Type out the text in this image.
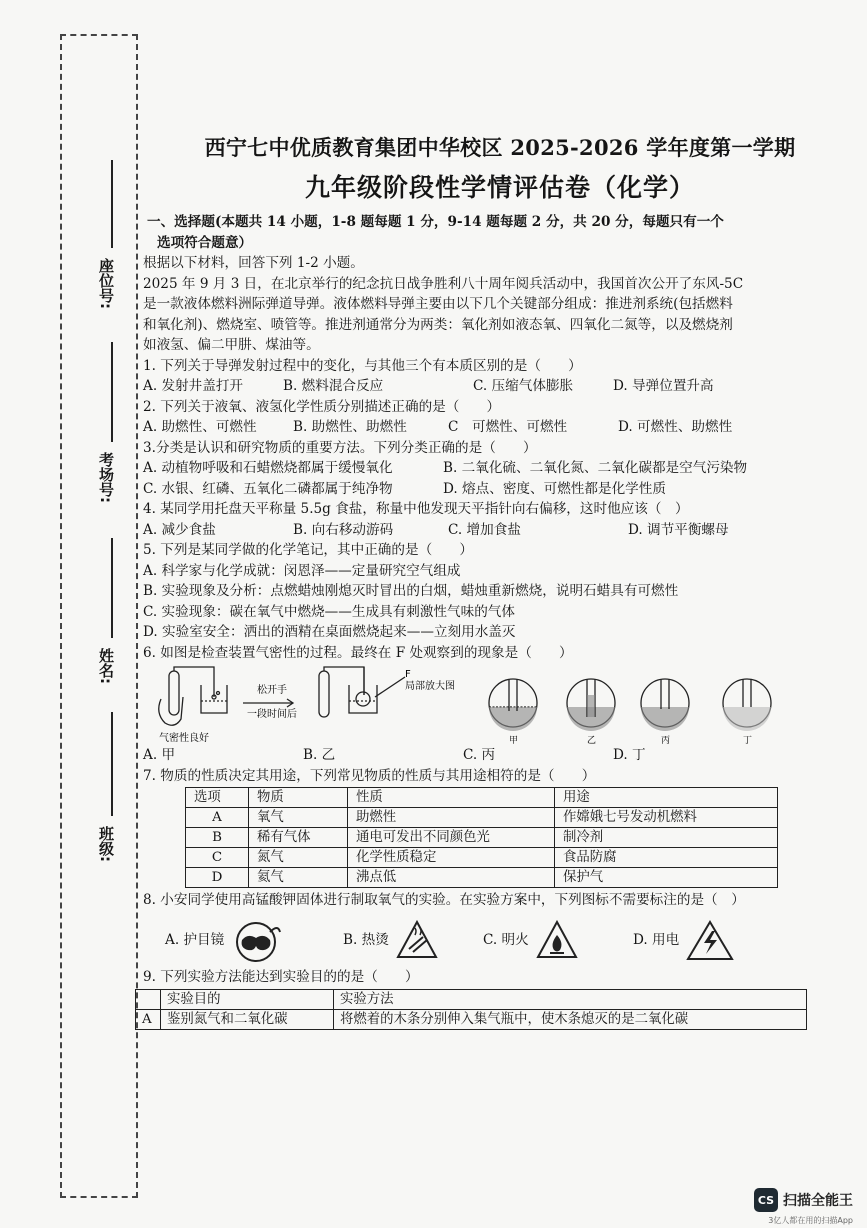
座位号:
考场号:
姓名:
班级:
西宁七中优质教育集团中华校区 2025-2026 学年度第一学期
九年级阶段性学情评估卷（化学）
一、选择题(本题共 14 小题，1-8 题每题 1 分，9-14 题每题 2 分，共 20 分，每题只有一个
选项符合题意）
根据以下材料，回答下列 1-2 小题。
2025 年 9 月 3 日，在北京举行的纪念抗日战争胜利八十周年阅兵活动中，我国首次公开了东风-5C
是一款液体燃料洲际弹道导弹。液体燃料导弹主要由以下几个关键部分组成：推进剂系统(包括燃料
和氧化剂)、燃烧室、喷管等。推进剂通常分为两类：氧化剂如液态氧、四氧化二氮等，以及燃烧剂
如液氢、偏二甲肼、煤油等。
1. 下列关于导弹发射过程中的变化，与其他三个有本质区别的是（　　）
A. 发射井盖打开	B. 燃料混合反应	C. 压缩气体膨胀	D. 导弹位置升高
2. 下列关于液氧、液氢化学性质分别描述正确的是（　　）
A. 助燃性、可燃性	B. 助燃性、助燃性	C　可燃性、可燃性	D. 可燃性、助燃性
3.分类是认识和研究物质的重要方法。下列分类正确的是（　　）
A. 动植物呼吸和石蜡燃烧都属于缓慢氧化	B. 二氧化硫、二氧化氮、二氧化碳都是空气污染物
C. 水银、红磷、五氧化二磷都属于纯净物	D. 熔点、密度、可燃性都是化学性质
4. 某同学用托盘天平称量 5.5g 食盐，称量中他发现天平指针向右偏移，这时他应该（　）
A. 减少食盐	B. 向右移动游码	C. 增加食盐	D. 调节平衡螺母
5. 下列是某同学做的化学笔记，其中正确的是（　　）
A. 科学家与化学成就：闵恩泽——定量研究空气组成
B. 实验现象及分析：点燃蜡烛刚熄灭时冒出的白烟，蜡烛重新燃烧，说明石蜡具有可燃性
C. 实验现象：碳在氧气中燃烧——生成具有刺激性气味的气体
D. 实验室安全：洒出的酒精在桌面燃烧起来——立刻用水盖灭
6. 如图是检查装置气密性的过程。最终在 F 处观察到的现象是（　　）
松开手
一段时间后
F
局部放大图
气密性良好	甲	乙	丙	丁
A. 甲	B. 乙	C. 丙	D. 丁
7. 物质的性质决定其用途，下列常见物质的性质与其用途相符的是（　　）
选项	物质	性质	用途
A	氧气	助燃性	作嫦娥七号发动机燃料
B	稀有气体	通电可发出不同颜色光	制冷剂
C	氮气	化学性质稳定	食品防腐
D	氦气	沸点低	保护气
8. 小安同学使用高锰酸钾固体进行制取氧气的实验。在实验方案中，下列图标不需要标注的是（　）
A. 护目镜	B. 热烫	C. 明火	D. 用电
9. 下列实验方法能达到实验目的的是（　　）
	实验目的	实验方法
A	鉴别氮气和二氧化碳	将燃着的木条分别伸入集气瓶中，使木条熄灭的是二氧化碳
CS 扫描全能王
3亿人都在用的扫描App
